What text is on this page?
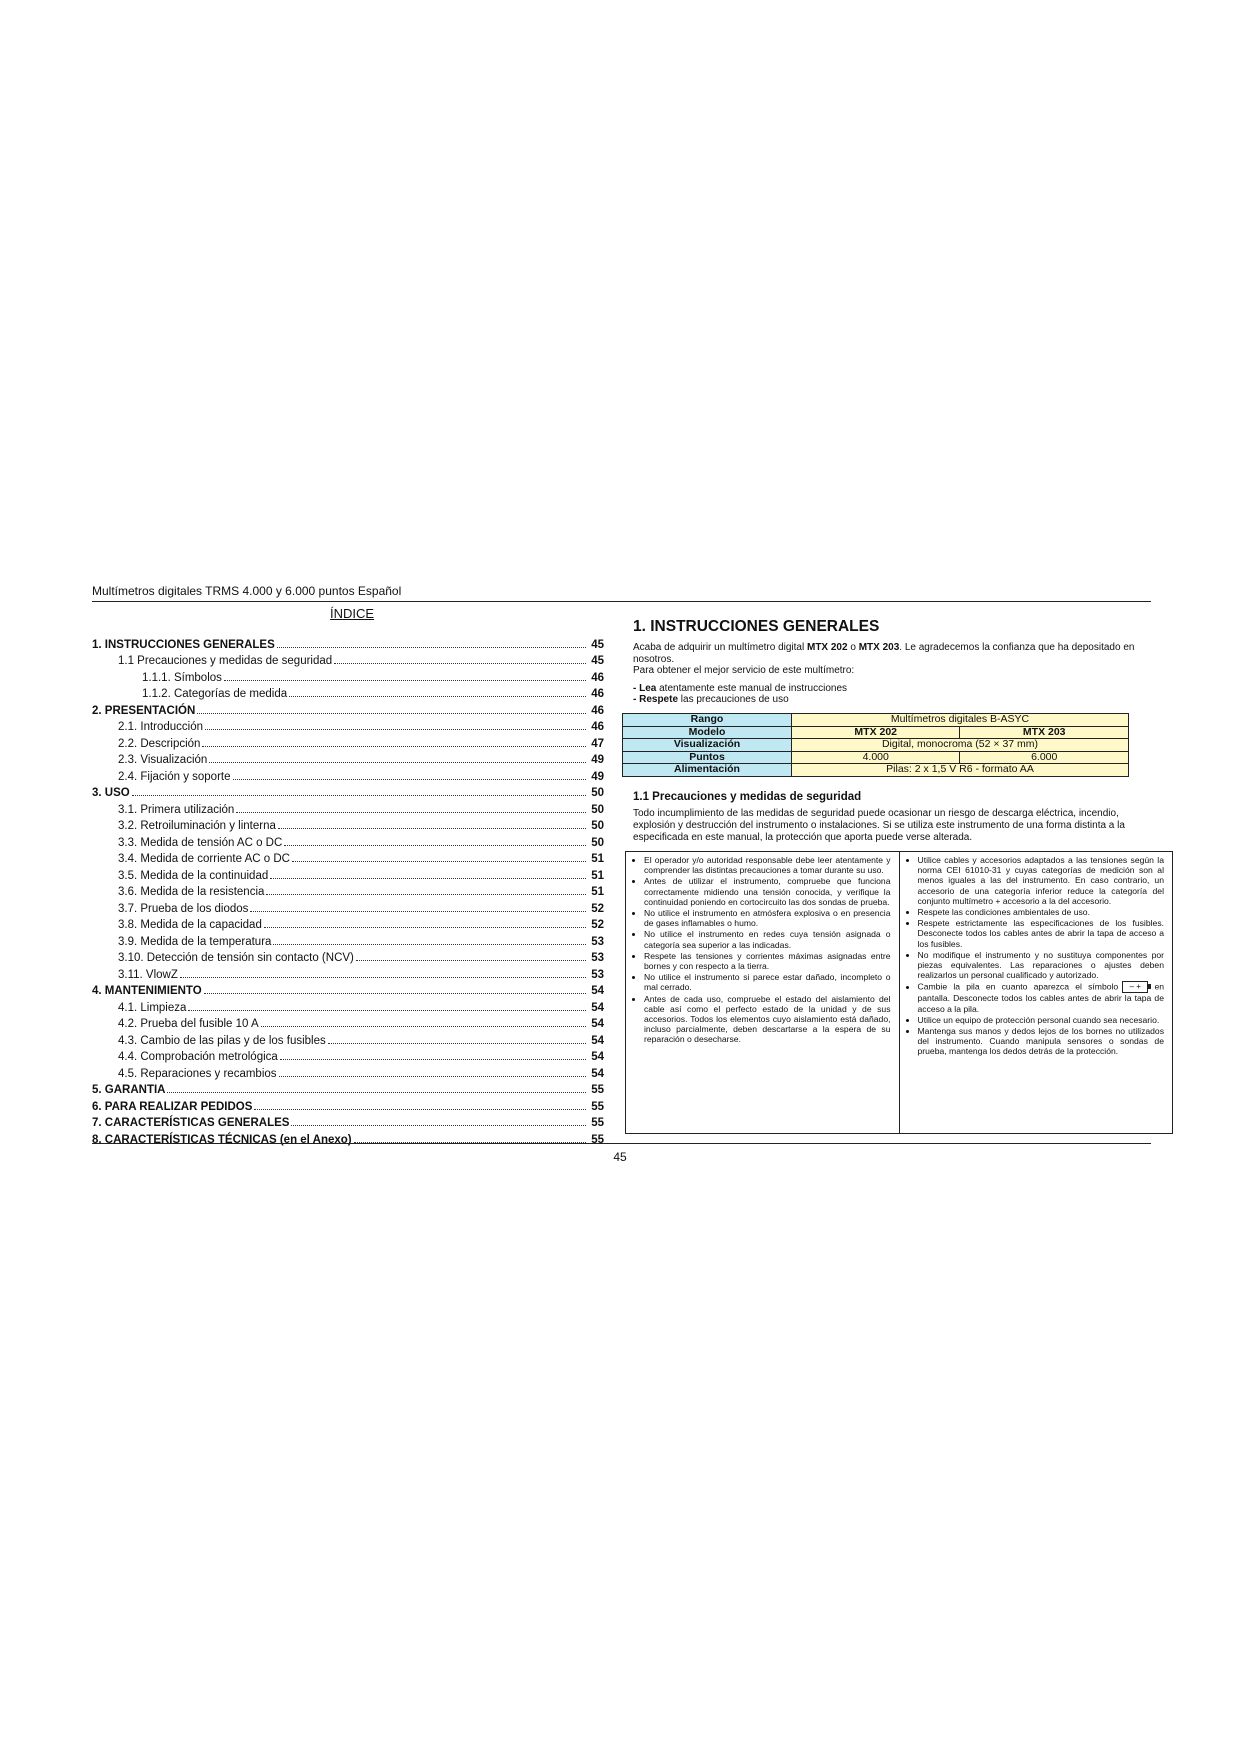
Multímetros digitales TRMS 4.000 y 6.000 puntos Español
ÍNDICE
1. INSTRUCCIONES GENERALES	45
1.1 Precauciones y medidas de seguridad	45
1.1.1. Símbolos	46
1.1.2. Categorías de medida	46
2. PRESENTACIÓN	46
2.1. Introducción	46
2.2. Descripción	47
2.3. Visualización	49
2.4. Fijación y soporte	49
3. USO	50
3.1. Primera utilización	50
3.2. Retroiluminación y linterna	50
3.3. Medida de tensión AC o DC	50
3.4. Medida de corriente AC o DC	51
3.5. Medida de la continuidad	51
3.6. Medida de la resistencia	51
3.7. Prueba de los diodos	52
3.8. Medida de la capacidad	52
3.9. Medida de la temperatura	53
3.10. Detección de tensión sin contacto (NCV)	53
3.11. VlowZ	53
4. MANTENIMIENTO	54
4.1. Limpieza	54
4.2. Prueba del fusible 10 A	54
4.3. Cambio de las pilas y de los fusibles	54
4.4. Comprobación metrológica	54
4.5. Reparaciones y recambios	54
5. GARANTIA	55
6. PARA REALIZAR PEDIDOS	55
7. CARACTERÍSTICAS GENERALES	55
8. CARACTERÍSTICAS TÉCNICAS (en el Anexo)	55
1. INSTRUCCIONES GENERALES

Acaba de adquirir un multímetro digital MTX 202 o MTX 203. Le agradecemos la confianza que ha depositado en nosotros.

Para obtener el mejor servicio de este multímetro:

- Lea atentamente este manual de instrucciones

- Respete las precauciones de uso

Rango	Multímetros digitales B-ASYC	
Modelo	MTX 202	MTX 203
Visualización	Digital, monocroma (52 × 37 mm)	
Puntos	4.000	6.000
Alimentación	Pilas: 2 x 1,5 V R6 - formato AA	
1.1 Precauciones y medidas de seguridad
Todo incumplimiento de las medidas de seguridad puede ocasionar un riesgo de descarga eléctrica, incendio, explosión y destrucción del instrumento o instalaciones. Si se utiliza este instrumento de una forma distinta a la especificada en este manual, la protección que aporta puede verse alterada.
• El operador y/o autoridad responsable debe leer atentamente y comprender las distintas precauciones a tomar durante su uso.
• Antes de utilizar el instrumento, compruebe que funciona correctamente midiendo una tensión conocida, y verifique la continuidad poniendo en cortocircuito las dos sondas de prueba.
• No utilice el instrumento en atmósfera explosiva o en presencia de gases inflamables o humo.
• No utilice el instrumento en redes cuya tensión asignada o categoría sea superior a las indicadas.
• Respete las tensiones y corrientes máximas asignadas entre bornes y con respecto a la tierra.
• No utilice el instrumento si parece estar dañado, incompleto o mal cerrado.
• Antes de cada uso, compruebe el estado del aislamiento del cable así como el perfecto estado de la unidad y de sus accesorios. Todos los elementos cuyo aislamiento está dañado, incluso parcialmente, deben descartarse a la espera de su reparación o desecharse.
• Utilice cables y accesorios adaptados a las tensiones según la norma CEI 61010-31 y cuyas categorías de medición son al menos iguales a las del instrumento. En caso contrario, un accesorio de una categoría inferior reduce la categoría del conjunto multímetro + accesorio a la del accesorio.
• Respete las condiciones ambientales de uso.
• Respete estrictamente las especificaciones de los fusibles. Desconecte todos los cables antes de abrir la tapa de acceso a los fusibles.
• No modifique el instrumento y no sustituya componentes por piezas equivalentes. Las reparaciones o ajustes deben realizarlos un personal cualificado y autorizado.
• Cambie la pila en cuanto aparezca el símbolo – + en pantalla. Desconecte todos los cables antes de abrir la tapa de acceso a la pila.
• Utilice un equipo de protección personal cuando sea necesario.
• Mantenga sus manos y dedos lejos de los bornes no utilizados del instrumento. Cuando manipula sensores o sondas de prueba, mantenga los dedos detrás de la protección.
45
